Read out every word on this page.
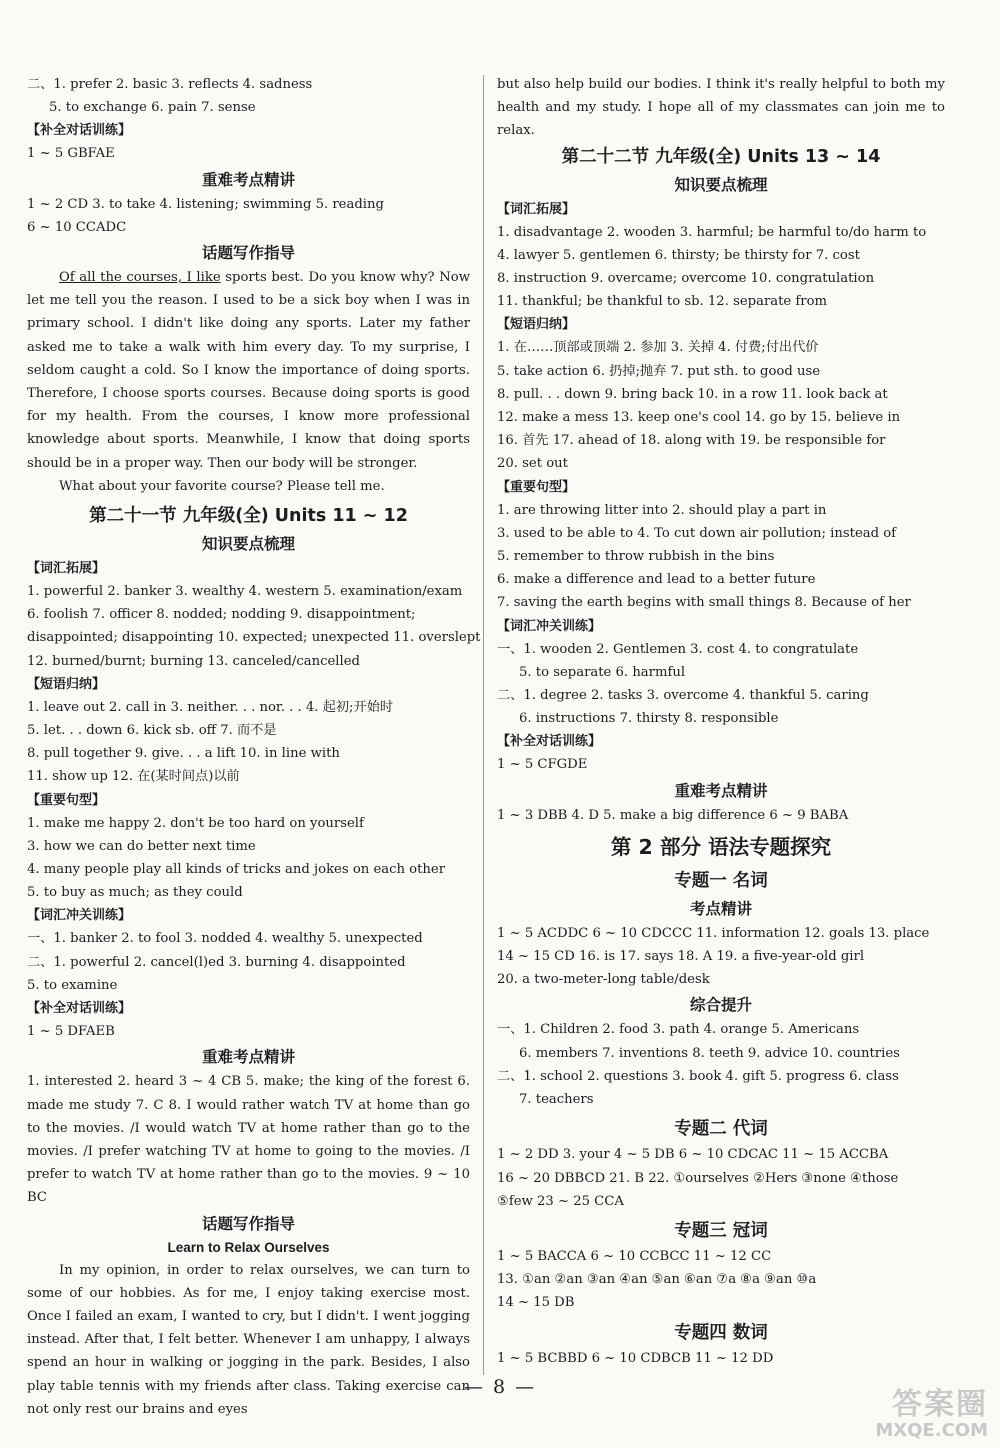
二、1. prefer 2. basic 3. reflects 4. sadness
5. to exchange 6. pain 7. sense
【补全对话训练】
1 ~ 5 GBFAE
重难考点精讲
1 ~ 2 CD 3. to take 4. listening; swimming 5. reading
6 ~ 10 CCADC
话题写作指导
Of all the courses, I like sports best. Do you know why? Now let me tell you the reason. I used to be a sick boy when I was in primary school. I didn't like doing any sports. Later my father asked me to take a walk with him every day. To my surprise, I seldom caught a cold. So I know the importance of doing sports. Therefore, I choose sports courses. Because doing sports is good for my health. From the courses, I know more professional knowledge about sports. Meanwhile, I know that doing sports should be in a proper way. Then our body will be stronger.
What about your favorite course? Please tell me.
第二十一节 九年级(全) Units 11 ~ 12
知识要点梳理
【词汇拓展】
1. powerful 2. banker 3. wealthy 4. western 5. examination/exam
6. foolish 7. officer 8. nodded; nodding 9. disappointment;
disappointed; disappointing 10. expected; unexpected 11. overslept
12. burned/burnt; burning 13. canceled/cancelled
【短语归纳】
1. leave out 2. call in 3. neither. . . nor. . . 4. 起初;开始时
5. let. . . down 6. kick sb. off 7. 而不是
8. pull together 9. give. . . a lift 10. in line with
11. show up 12. 在(某时间点)以前
【重要句型】
1. make me happy 2. don't be too hard on yourself
3. how we can do better next time
4. many people play all kinds of tricks and jokes on each other
5. to buy as much; as they could
【词汇冲关训练】
一、1. banker 2. to fool 3. nodded 4. wealthy 5. unexpected
二、1. powerful 2. cancel(l)ed 3. burning 4. disappointed
5. to examine
【补全对话训练】
1 ~ 5 DFAEB
重难考点精讲
1. interested 2. heard 3 ~ 4 CB 5. make; the king of the forest 6. made me study 7. C 8. I would rather watch TV at home than go to the movies. /I would watch TV at home rather than go to the movies. /I prefer watching TV at home to going to the movies. /I prefer to watch TV at home rather than go to the movies. 9 ~ 10 BC
话题写作指导
Learn to Relax Ourselves
In my opinion, in order to relax ourselves, we can turn to some of our hobbies. As for me, I enjoy taking exercise most. Once I failed an exam, I wanted to cry, but I didn't. I went jogging instead. After that, I felt better. Whenever I am unhappy, I always spend an hour in walking or jogging in the park. Besides, I also play table tennis with my friends after class. Taking exercise can not only rest our brains and eyes
but also help build our bodies. I think it's really helpful to both my health and my study. I hope all of my classmates can join me to relax.
第二十二节 九年级(全) Units 13 ~ 14
知识要点梳理
【词汇拓展】
1. disadvantage 2. wooden 3. harmful; be harmful to/do harm to
4. lawyer 5. gentlemen 6. thirsty; be thirsty for 7. cost
8. instruction 9. overcame; overcome 10. congratulation
11. thankful; be thankful to sb. 12. separate from
【短语归纳】
1. 在……顶部或顶端 2. 参加 3. 关掉 4. 付费;付出代价
5. take action 6. 扔掉;抛弃 7. put sth. to good use
8. pull. . . down 9. bring back 10. in a row 11. look back at
12. make a mess 13. keep one's cool 14. go by 15. believe in
16. 首先 17. ahead of 18. along with 19. be responsible for
20. set out
【重要句型】
1. are throwing litter into 2. should play a part in
3. used to be able to 4. To cut down air pollution; instead of
5. remember to throw rubbish in the bins
6. make a difference and lead to a better future
7. saving the earth begins with small things 8. Because of her
【词汇冲关训练】
一、1. wooden 2. Gentlemen 3. cost 4. to congratulate
5. to separate 6. harmful
二、1. degree 2. tasks 3. overcome 4. thankful 5. caring
6. instructions 7. thirsty 8. responsible
【补全对话训练】
1 ~ 5 CFGDE
重难考点精讲
1 ~ 3 DBB 4. D 5. make a big difference 6 ~ 9 BABA
第 2 部分 语法专题探究
专题一 名词
考点精讲
1 ~ 5 ACDDC 6 ~ 10 CDCCC 11. information 12. goals 13. place
14 ~ 15 CD 16. is 17. says 18. A 19. a five-year-old girl
20. a two-meter-long table/desk
综合提升
一、1. Children 2. food 3. path 4. orange 5. Americans
6. members 7. inventions 8. teeth 9. advice 10. countries
二、1. school 2. questions 3. book 4. gift 5. progress 6. class
7. teachers
专题二 代词
1 ~ 2 DD 3. your 4 ~ 5 DB 6 ~ 10 CDCAC 11 ~ 15 ACCBA
16 ~ 20 DBBCD 21. B 22. ①ourselves ②Hers ③none ④those
⑤few 23 ~ 25 CCA
专题三 冠词
1 ~ 5 BACCA 6 ~ 10 CCBCC 11 ~ 12 CC
13. ①an ②an ③an ④an ⑤an ⑥an ⑦a ⑧a ⑨an ⑩a
14 ~ 15 DB
专题四 数词
1 ~ 5 BCBBD 6 ~ 10 CDBCB 11 ~ 12 DD
— 8 —	答案圈
MXQE.COM
